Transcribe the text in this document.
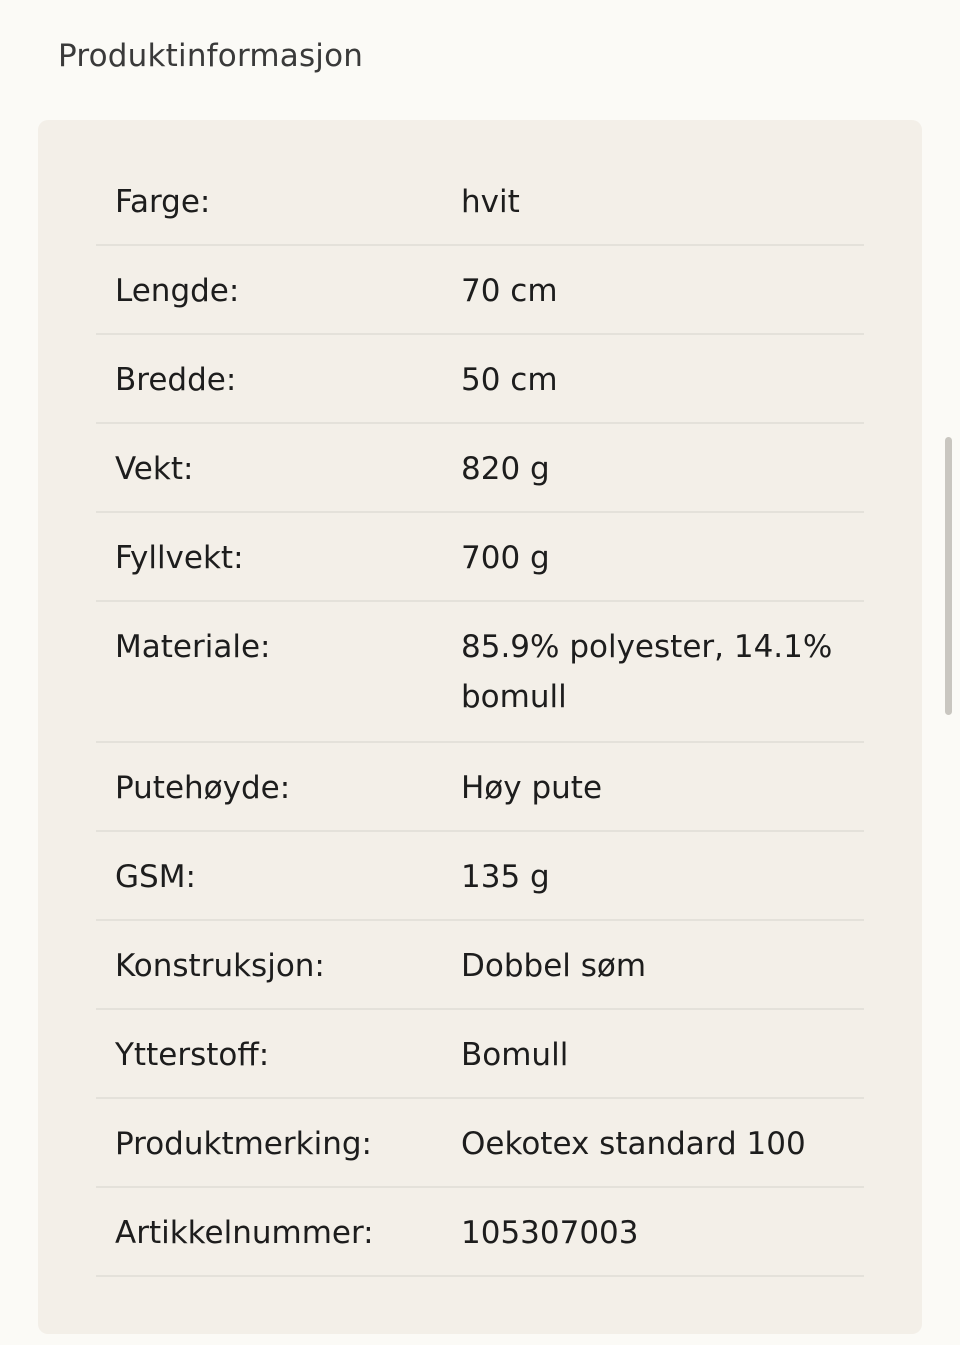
Produktinformasjon
Farge:	hvit
Lengde:	70 cm
Bredde:	50 cm
Vekt:	820 g
Fyllvekt:	700 g
Materiale:	85.9% polyester, 14.1% bomull
Putehøyde:	Høy pute
GSM:	135 g
Konstruksjon:	Dobbel søm
Ytterstoff:	Bomull
Produktmerking:	Oekotex standard 100
Artikkelnummer:	105307003
